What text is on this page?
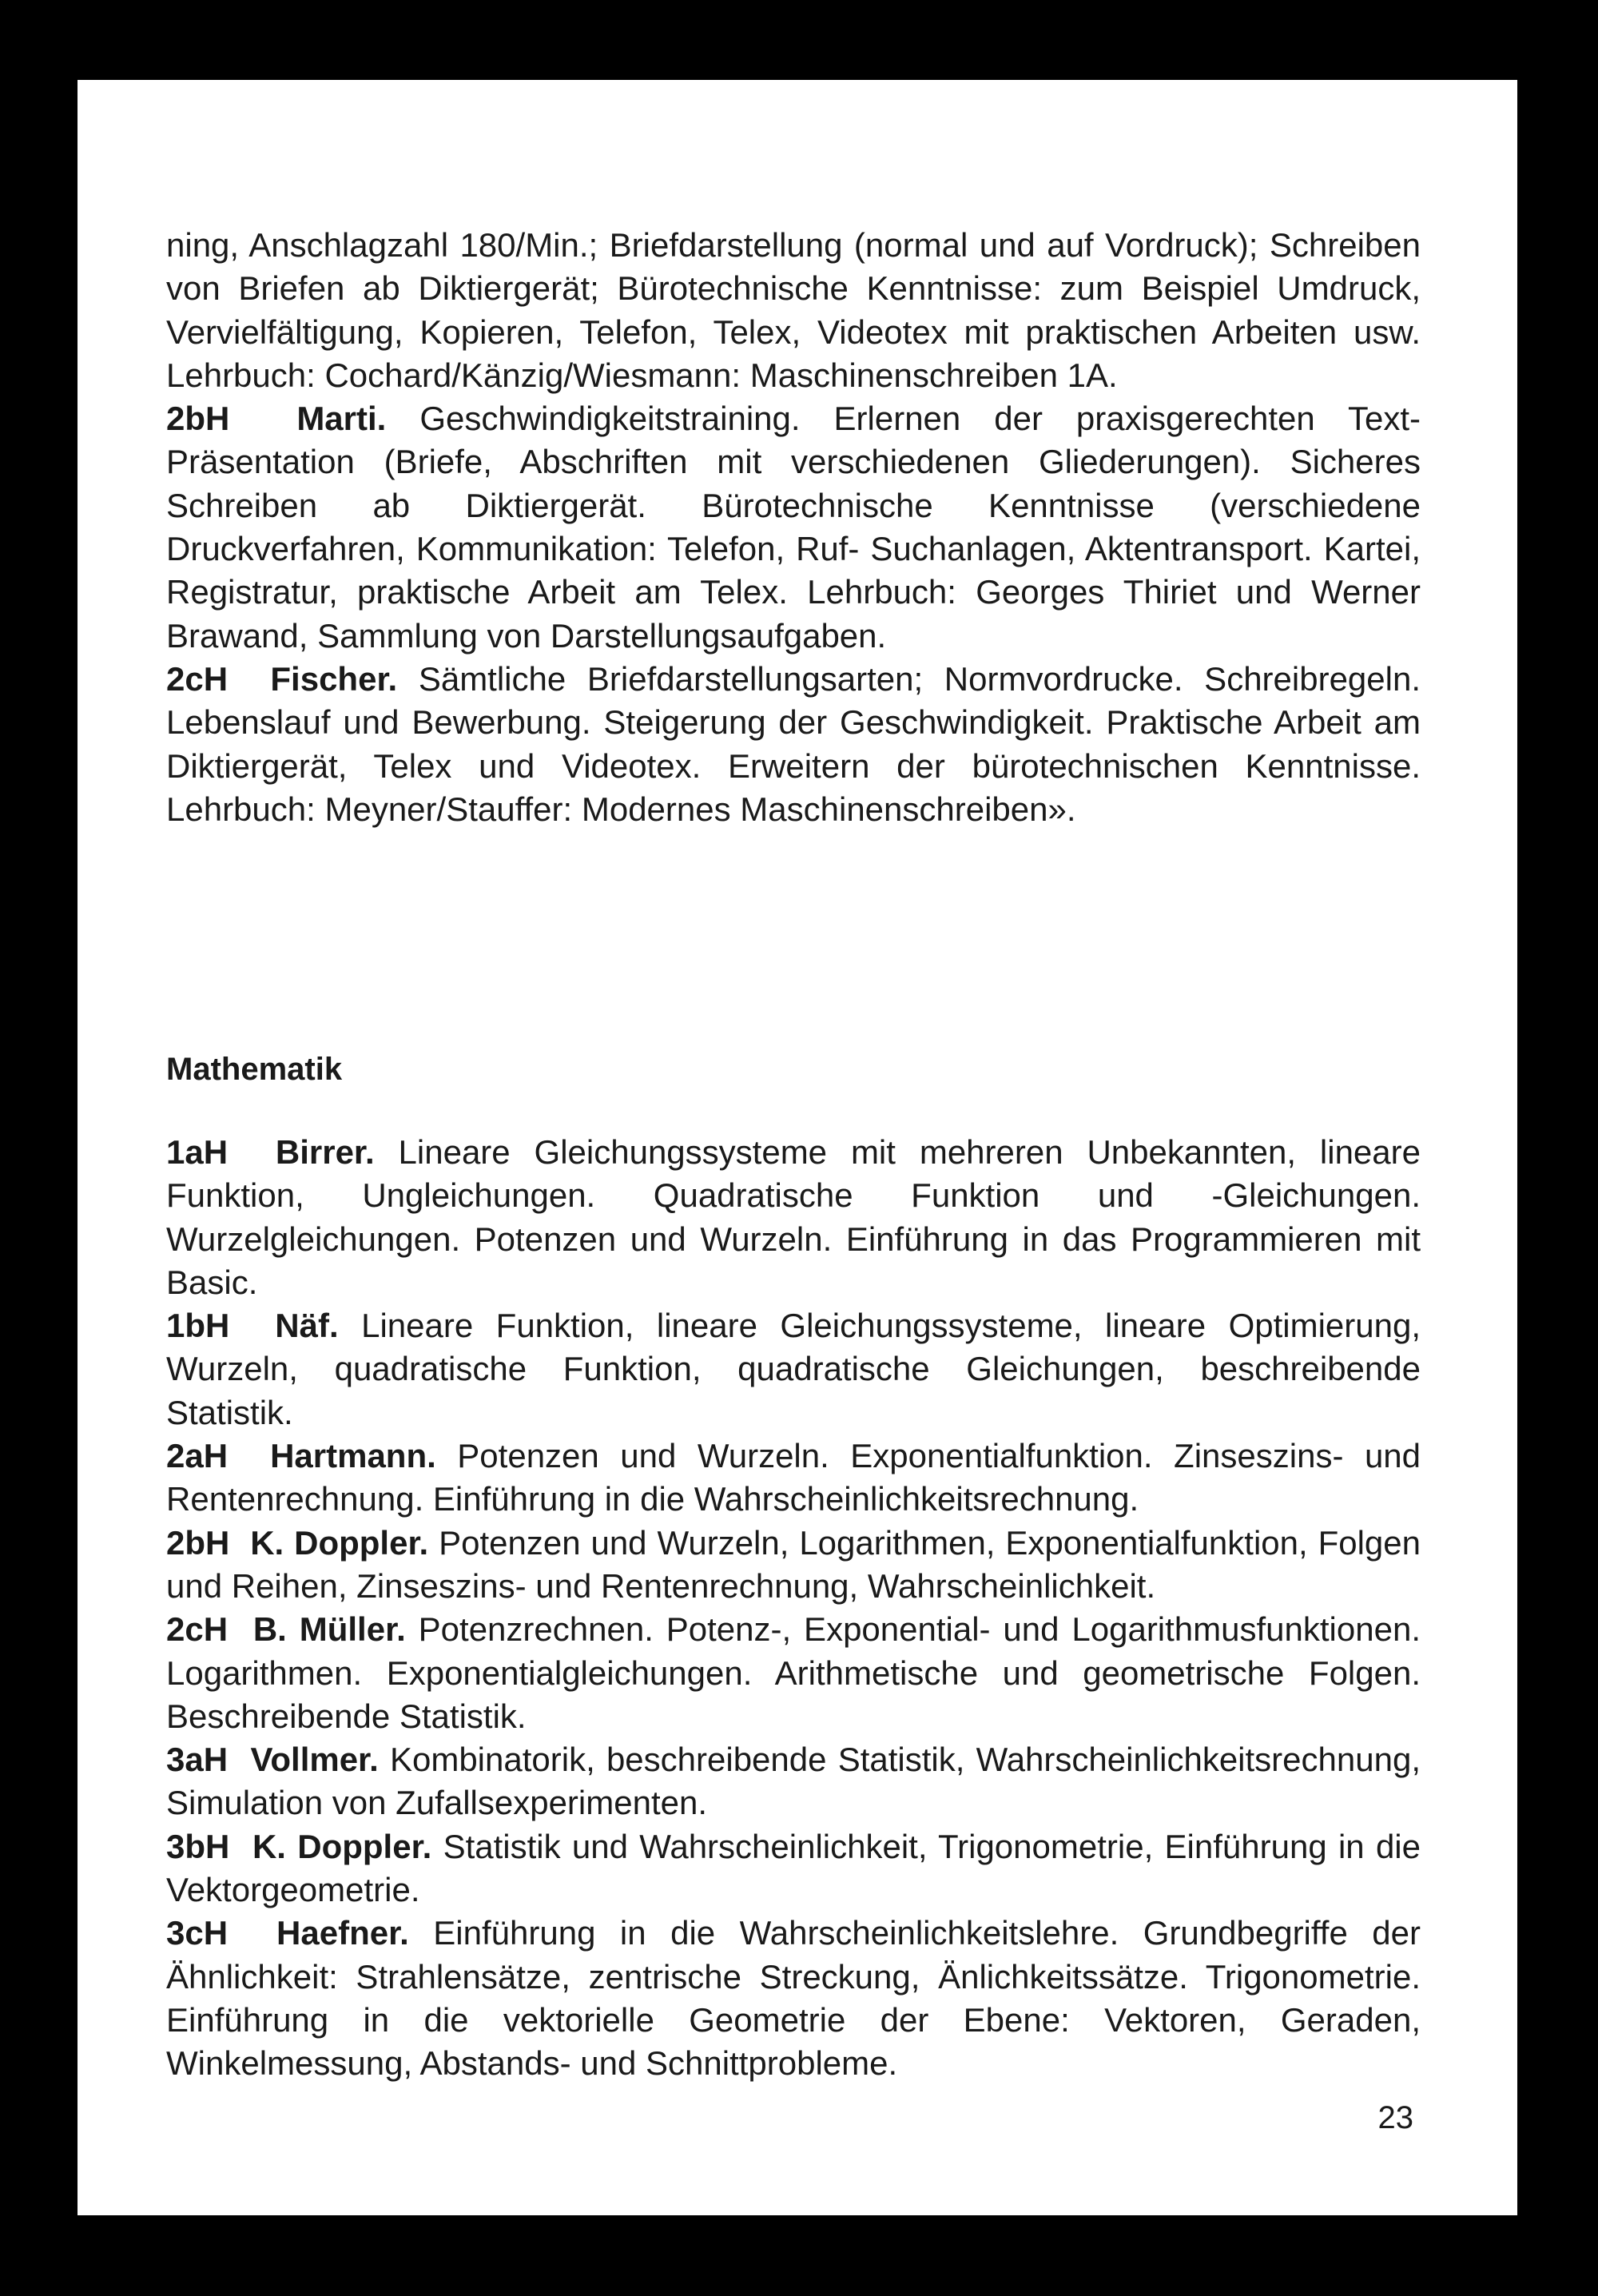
ning, Anschlagzahl 180/Min.; Briefdarstellung (normal und auf Vordruck); Schreiben von Briefen ab Diktiergerät; Bürotechnische Kenntnisse: zum Beispiel Umdruck, Vervielfältigung, Kopieren, Telefon, Telex, Videotex mit praktischen Arbeiten usw. Lehrbuch: Cochard/Känzig/Wiesmann: Maschinenschreiben 1A.

2bH Marti. Geschwindigkeitstraining. Erlernen der praxisgerechten Text-Präsentation (Briefe, Abschriften mit verschiedenen Gliederungen). Sicheres Schreiben ab Diktiergerät. Bürotechnische Kenntnisse (verschiedene Druckverfahren, Kommunikation: Telefon, Ruf- Suchanlagen, Aktentransport. Kartei, Registratur, praktische Arbeit am Telex. Lehrbuch: Georges Thiriet und Werner Brawand, Sammlung von Darstellungsaufgaben.

2cH Fischer. Sämtliche Briefdarstellungsarten; Normvordrucke. Schreibregeln. Lebenslauf und Bewerbung. Steigerung der Geschwindigkeit. Praktische Arbeit am Diktiergerät, Telex und Videotex. Erweitern der bürotechnischen Kenntnisse. Lehrbuch: Meyner/Stauffer: Modernes Maschinenschreiben».

Mathematik

1aH Birrer. Lineare Gleichungssysteme mit mehreren Unbekannten, lineare Funktion, Ungleichungen. Quadratische Funktion und -Gleichungen. Wurzelgleichungen. Potenzen und Wurzeln. Einführung in das Programmieren mit Basic.

1bH Näf. Lineare Funktion, lineare Gleichungssysteme, lineare Optimierung, Wurzeln, quadratische Funktion, quadratische Gleichungen, beschreibende Statistik.

2aH Hartmann. Potenzen und Wurzeln. Exponentialfunktion. Zinseszins- und Rentenrechnung. Einführung in die Wahrscheinlichkeitsrechnung.

2bH K. Doppler. Potenzen und Wurzeln, Logarithmen, Exponentialfunktion, Folgen und Reihen, Zinseszins- und Rentenrechnung, Wahrscheinlichkeit.

2cH B. Müller. Potenzrechnen. Potenz-, Exponential- und Logarithmusfunktionen. Logarithmen. Exponentialgleichungen. Arithmetische und geometrische Folgen. Beschreibende Statistik.

3aH Vollmer. Kombinatorik, beschreibende Statistik, Wahrscheinlichkeitsrechnung, Simulation von Zufallsexperimenten.

3bH K. Doppler. Statistik und Wahrscheinlichkeit, Trigonometrie, Einführung in die Vektorgeometrie.

3cH Haefner. Einführung in die Wahrscheinlichkeitslehre. Grundbegriffe der Ähnlichkeit: Strahlensätze, zentrische Streckung, Änlichkeitssätze. Trigonometrie. Einführung in die vektorielle Geometrie der Ebene: Vektoren, Geraden, Winkelmessung, Abstands- und Schnittprobleme.

23
